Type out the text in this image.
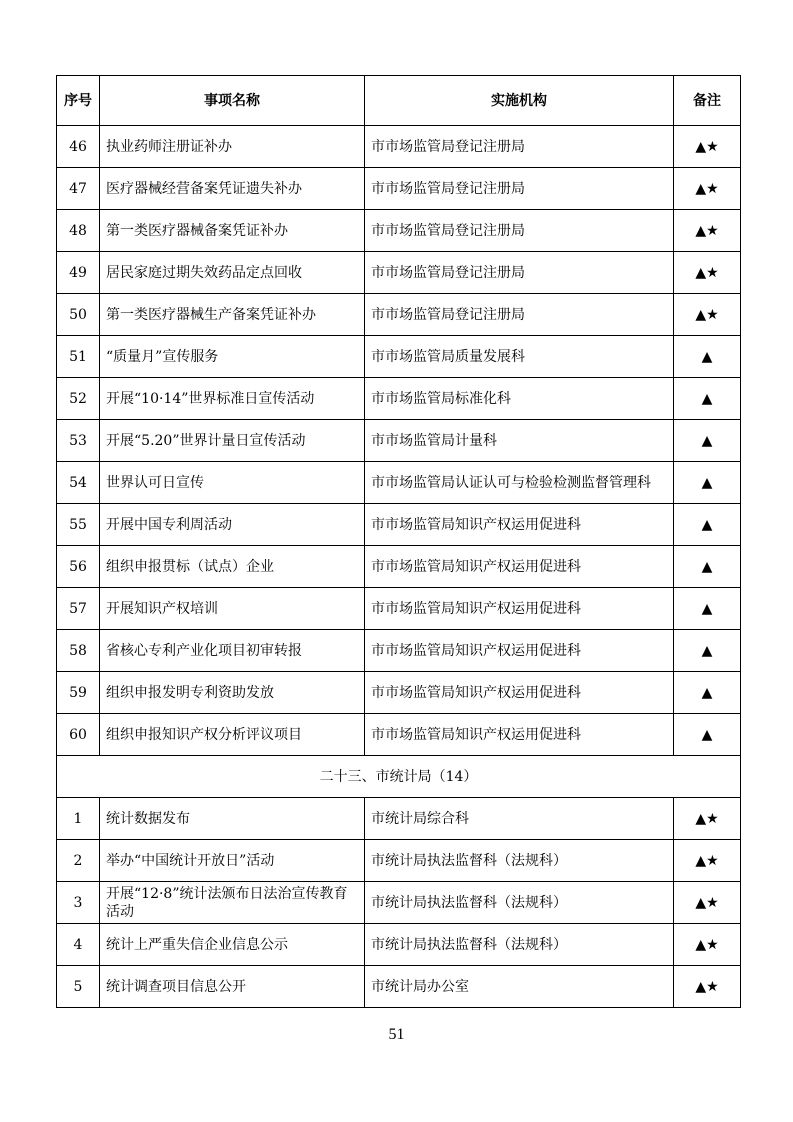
序号	事项名称	实施机构	备注
46	执业药师注册证补办	市市场监管局登记注册局	▲★
47	医疗器械经营备案凭证遗失补办	市市场监管局登记注册局	▲★
48	第一类医疗器械备案凭证补办	市市场监管局登记注册局	▲★
49	居民家庭过期失效药品定点回收	市市场监管局登记注册局	▲★
50	第一类医疗器械生产备案凭证补办	市市场监管局登记注册局	▲★
51	“质量月”宣传服务	市市场监管局质量发展科	▲
52	开展“10·14”世界标准日宣传活动	市市场监管局标准化科	▲
53	开展“5.20”世界计量日宣传活动	市市场监管局计量科	▲
54	世界认可日宣传	市市场监管局认证认可与检验检测监督管理科	▲
55	开展中国专利周活动	市市场监管局知识产权运用促进科	▲
56	组织申报贯标（试点）企业	市市场监管局知识产权运用促进科	▲
57	开展知识产权培训	市市场监管局知识产权运用促进科	▲
58	省核心专利产业化项目初审转报	市市场监管局知识产权运用促进科	▲
59	组织申报发明专利资助发放	市市场监管局知识产权运用促进科	▲
60	组织申报知识产权分析评议项目	市市场监管局知识产权运用促进科	▲
二十三、市统计局（14）			
1	统计数据发布	市统计局综合科	▲★
2	举办“中国统计开放日”活动	市统计局执法监督科（法规科）	▲★
3	开展“12·8”统计法颁布日法治宣传教育活动	市统计局执法监督科（法规科）	▲★
4	统计上严重失信企业信息公示	市统计局执法监督科（法规科）	▲★
5	统计调查项目信息公开	市统计局办公室	▲★
51
